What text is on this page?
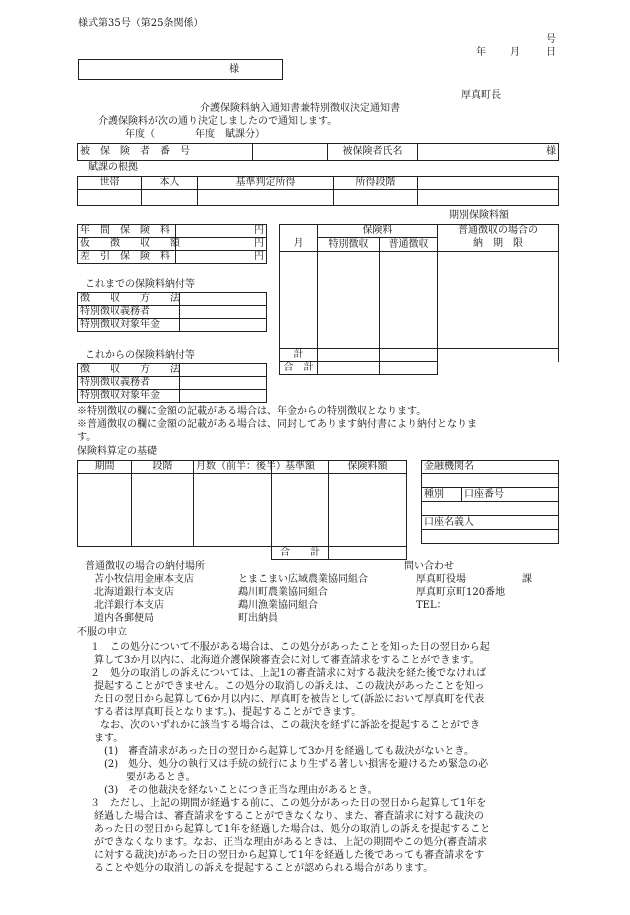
様式第35号（第25条関係）
号
年 月	日
様
厚真町長
介護保険料納入通知書兼特別徴収決定通知書
介護保険料が次の通り決定しましたので通知します。
年度（　　　　年度　賦課分）
被　保　険　者　番　号		被保険者氏名	様
賦課の根拠
世帯	本人	基準判定所得	所得段階	

期別保険料額
年　間　保　険　料	円
仮　　徴　　収　　額	円
差　引　保　険　料	円
	保険料		普通徴収の場合の
月	特別徴収	普通徴収	納　期　限

計			
合　計			
これまでの保険料納付等
徴　　収　　方　　法	
特別徴収義務者	
特別徴収対象年金	
これからの保険料納付等
徴　　収　　方　　法	
特別徴収義務者	
特別徴収対象年金	
※特別徴収の欄に金額の記載がある場合は、年金からの特別徴収となります。
※普通徴収の欄に金額の記載がある場合は、同封してあります納付書により納付となりま
す。
保険料算定の基礎
期間	段階	月数（前半：後半）	基準額	保険料額

			合　　計	
金融機関名

種別	口座番号

口座名義人

普通徴収の場合の納付場所
苫小牧信用金庫本支店
北海道銀行本支店
北洋銀行本支店
道内各郵便局
とまこまい広域農業協同組合
鵡川町農業協同組合
鵡川漁業協同組合
町出納員
問い合わせ
厚真町役場	課
厚真町京町120番地
TEL：
不服の申立
１　この処分について不服がある場合は、この処分があったことを知った日の翌日から起
算して3か月以内に、北海道介護保険審査会に対して審査請求をすることができます。
２　処分の取消しの訴えについては、上記1の審査請求に対する裁決を経た後でなければ
提起することができません。この処分の取消しの訴えは、この裁決があったことを知っ
た日の翌日から起算して6か月以内に、厚真町を被告として(訴訟において厚真町を代表
する者は厚真町長となります。)、提起することができます。
なお、次のいずれかに該当する場合は、この裁決を経ずに訴訟を提起することができ
ます。
(1)　審査請求があった日の翌日から起算して3か月を経過しても裁決がないとき。
(2)　処分、処分の執行又は手続の続行により生ずる著しい損害を避けるため緊急の必
要があるとき。
(3)　その他裁決を経ないことにつき正当な理由があるとき。
３　ただし、上記の期間が経過する前に、この処分があった日の翌日から起算して1年を
経過した場合は、審査請求をすることができなくなり、また、審査請求に対する裁決の
あった日の翌日から起算して1年を経過した場合は、処分の取消しの訴えを提起すること
ができなくなります。なお、正当な理由があるときは、上記の期間やこの処分(審査請求
に対する裁決)があった日の翌日から起算して1年を経過した後であっても審査請求をす
ることや処分の取消しの訴えを提起することが認められる場合があります。
